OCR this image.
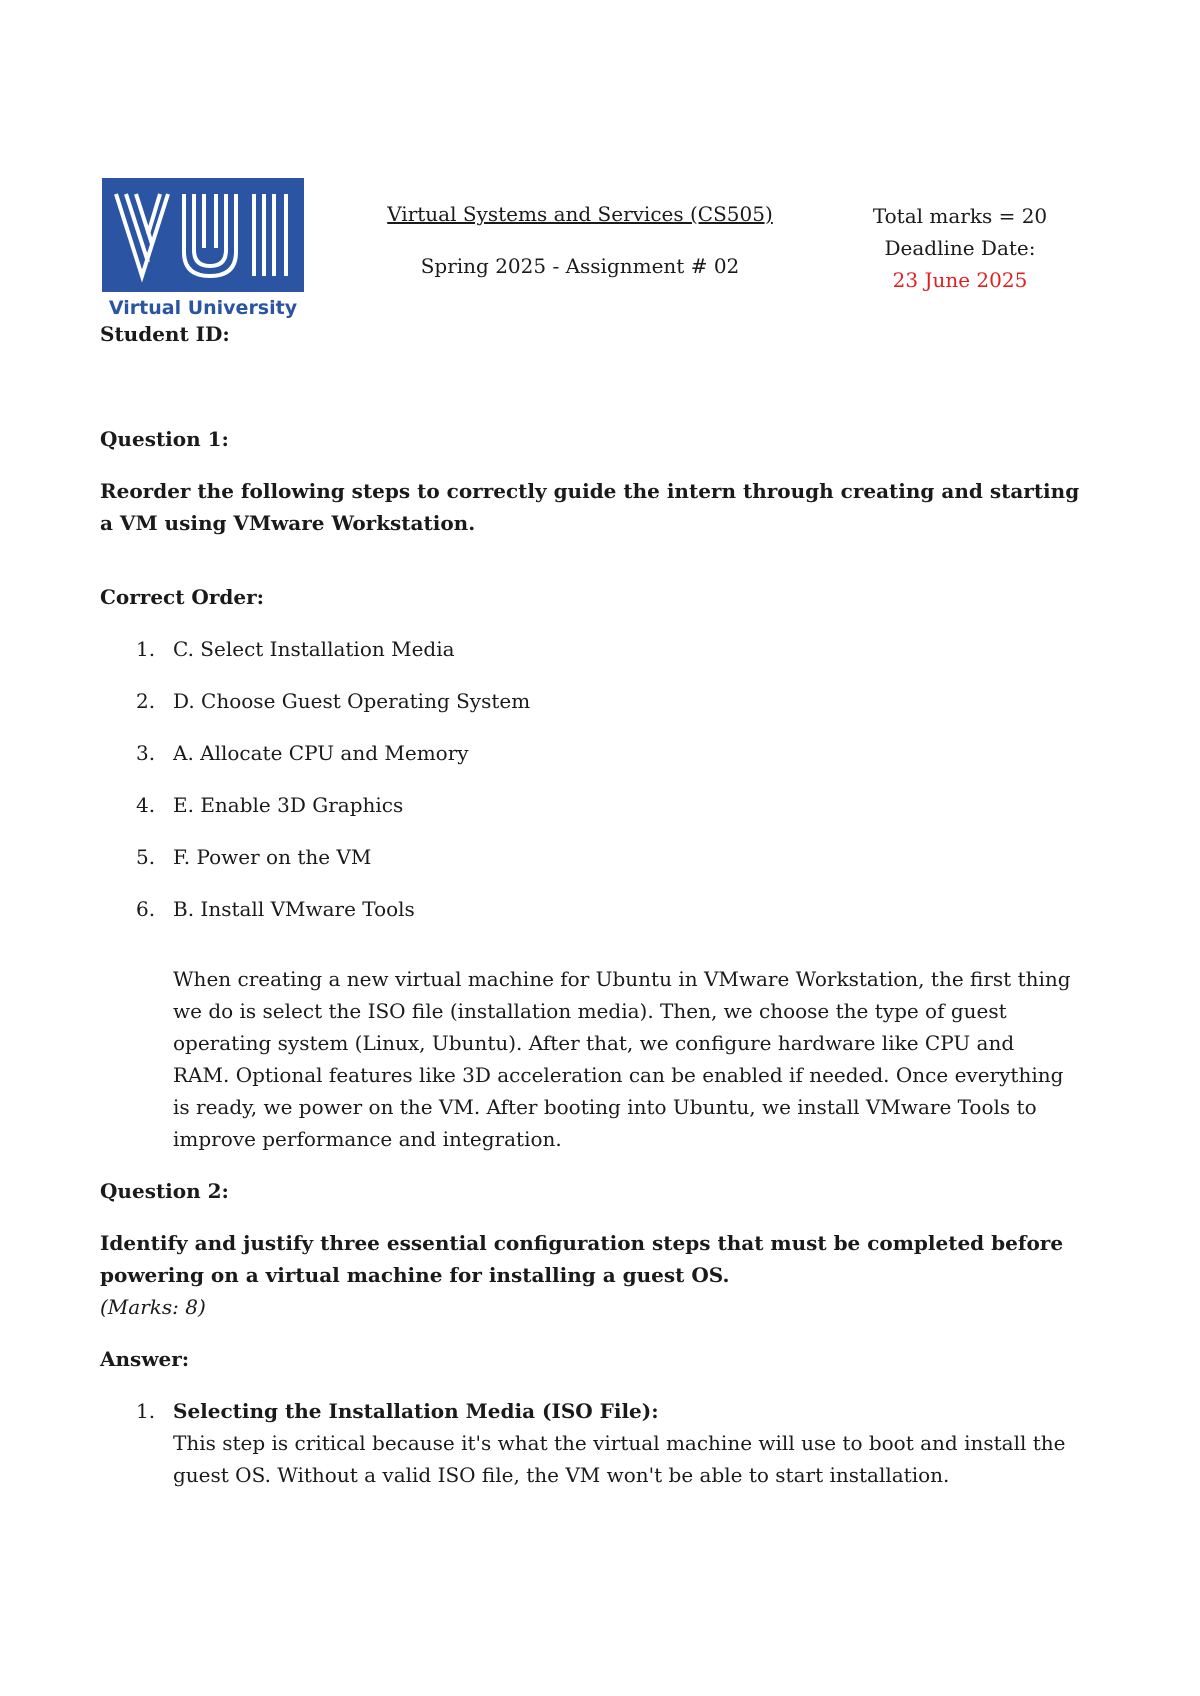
Virtual University
Virtual Systems and Services (CS505)
Spring 2025 - Assignment # 02
Total marks = 20
Deadline Date:
23 June 2025
Student ID:

Question 1:

Reorder the following steps to correctly guide the intern through creating and starting a VM using VMware Workstation.

Correct Order:

1. C. Select Installation Media
2. D. Choose Guest Operating System
3. A. Allocate CPU and Memory
4. E. Enable 3D Graphics
5. F. Power on the VM
6. B. Install VMware Tools

When creating a new virtual machine for Ubuntu in VMware Workstation, the first thing we do is select the ISO file (installation media). Then, we choose the type of guest operating system (Linux, Ubuntu). After that, we configure hardware like CPU and RAM. Optional features like 3D acceleration can be enabled if needed. Once everything is ready, we power on the VM. After booting into Ubuntu, we install VMware Tools to improve performance and integration.

Question 2:

Identify and justify three essential configuration steps that must be completed before powering on a virtual machine for installing a guest OS.

(Marks: 8)

Answer:

1. Selecting the Installation Media (ISO File):
This step is critical because it's what the virtual machine will use to boot and install the guest OS. Without a valid ISO file, the VM won't be able to start installation.
